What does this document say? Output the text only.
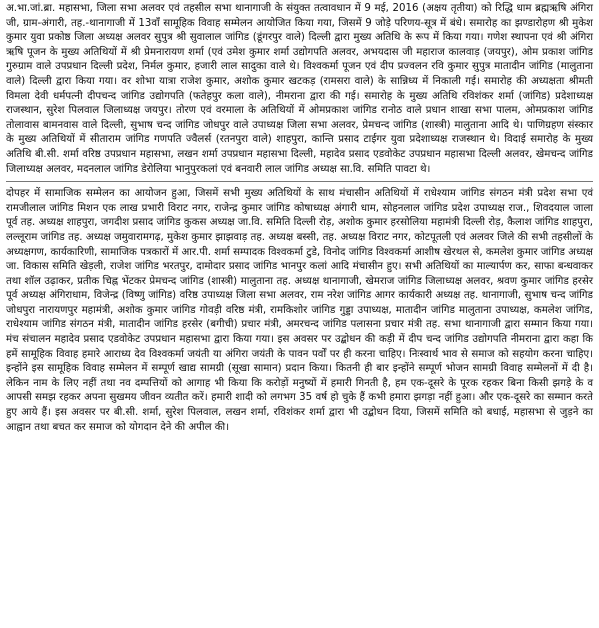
अ.भा.जां.ब्रा. महासभा, जिला सभा अलवर एवं तहसील सभा थानागाजी के संयुक्त तत्वावधान में 9 मई, 2016 (अक्षय तृतीया) को रिद्धि धाम ब्रह्मऋषि अंगिरा जी, ग्राम-अंगारी, तह.-थानागाजी में 13वाँ सामूहिक विवाह सम्मेलन आयोजित किया गया, जिसमें 9 जोड़े परिणय-सूत्र में बंधे। समारोह का झण्डारोहण श्री मुकेश कुमार युवा प्रकोष्ठ जिला अध्यक्ष अलवर सुपुत्र श्री सुवालाल जांगिड (डूंगरपुर वाले) दिल्ली द्वारा मुख्य अतिथि के रूप में किया गया। गणेश स्थापना एवं श्री अंगिरा ऋषि पूजन के मुख्य अतिथियों में श्री प्रेमनारायण शर्मा (एवं उमेश कुमार शर्मा उद्योगपति अलवर, अभयदास जी महाराज कालवाड़ (जयपुर), ओम प्रकाश जांगिड गुरुग्राम वाले उपप्रधान दिल्ली प्रदेश, निर्मल कुमार, हजारी लाल सादुका वाले थे। विश्वकर्मा पूजन एवं दीप प्रज्वलन रवि कुमार सुपुत्र मातादीन जांगिड (मालुताना वाले) दिल्ली द्वारा किया गया। वर शोभा यात्रा राजेश कुमार, अशोक कुमार खटकड़ (रामसरा वाले) के सान्निध्य में निकाली गई। समारोह की अध्यक्षता श्रीमती विमला देवी धर्मपत्नी दीपचन्द जांगिड उद्योगपति (फतेहपुर कला वाले), नीमराना द्वारा की गई। समारोह के मुख्य अतिथि रविशंकर शर्मा (जांगिड) प्रदेशाध्यक्ष राजस्थान, सुरेश पिलवाल जिलाध्यक्ष जयपुर। तोरण एवं वरमाला के अतिथियों में ओमप्रकाश जांगिड रानोठ वाले प्रधान शाखा सभा पालम, ओमप्रकाश जांगिड तोलावास बामनवास वाले दिल्ली, सुभाष चन्द जांगिड जोधपुर वाले उपाध्यक्ष जिला सभा अलवर, प्रेमचन्द जांगिड (शास्त्री) मालुताना आदि थे। पाणिग्रहण संस्कार के मुख्य अतिथियों में सीताराम जांगिड गणपति ज्वैलर्स (रतनपुरा वाले) शाहपुरा, कान्ति प्रसाद टाईगर युवा प्रदेशाध्यक्ष राजस्थान थे। विदाई समारोह के मुख्य अतिथि बी.सी. शर्मा वरिष्ठ उपप्रधान महासभा, लखन शर्मा उपप्रधान महासभा दिल्ली, महादेव प्रसाद एडवोकेट उपप्रधान महासभा दिल्ली अलवर, खेमचन्द जांगिड जिलाध्यक्ष अलवर, मदनलाल जांगिड डेरोलिया भानुपुरकलां एवं बनवारी लाल जांगिड अध्यक्ष सा.वि. समिति पावटा थे।

दोपहर में सामाजिक सम्मेलन का आयोजन हुआ, जिसमें सभी मुख्य अतिथियों के साथ मंचासीन अतिथियों में राधेश्याम जांगिड संगठन मंत्री प्रदेश सभा एवं रामजीलाल जांगिड मिशन एक लाख प्रभारी विराट नगर, राजेन्द्र कुमार जांगिड कोषाध्यक्ष अंगारी धाम, सोहनलाल जांगिड प्रदेश उपाध्यक्ष राज., शिवदयाल जाला पूर्व तह. अध्यक्ष शाहपुरा, जगदीश प्रसाद जांगिड कुकस अध्यक्ष जा.वि. समिति दिल्ली रोड़, अशोक कुमार हरसोलिया महामंत्री दिल्ली रोड़, कैलाश जांगिड शाहपुरा, लल्लूराम जांगिड तह. अध्यक्ष जमुवारामगढ़, मुकेश कुमार झाझवाड़ तह. अध्यक्ष बस्सी, तह. अध्यक्ष विराट नगर, कोटपूतली एवं अलवर जिले की सभी तहसीलों के अध्यक्षगण, कार्यकारिणी, सामाजिक पत्रकारों में आर.पी. शर्मा सम्पादक विश्वकर्मा टुडे, विनोद जांगिड विश्वकर्मा आशीष खेरथल से, कमलेश कुमार जांगिड अध्यक्ष जा. विकास समिति खेड़ली, राजेश जांगिड भरतपुर, दामोदार प्रसाद जांगिड भानपुर कलां आदि मंचासीन हुए। सभी अतिथियों का माल्यार्पण कर, साफा बन्धवाकर तथा शॉल उढ़ाकर, प्रतीक चिह्न भेंटकर प्रेमचन्द जांगिड (शास्त्री) मालुताना तह. अध्यक्ष थानागाजी, खेमराज जांगिड जिलाध्यक्ष अलवर, श्रवण कुमार जांगिड हरसेर पूर्व अध्यक्ष अंगिराधाम, विजेन्द्र (विष्णु जांगिड) वरिष्ठ उपाध्यक्ष जिला सभा अलवर, राम नरेश जांगिड आगर कार्यकारी अध्यक्ष तह. थानागाजी, सुभाष चन्द जांगिड जोधपुरा नारायणपुर महामंत्री, अशोक कुमार जांगिड गोवड़ी वरिष्ठ मंत्री, रामकिशोर जांगिड गुड्डा उपाध्यक्ष, मातादीन जांगिड मालुताना उपाध्यक्ष, कमलेश जांगिड, राधेश्याम जांगिड संगठन मंत्री, मातादीन जांगिड हरसेर (बगीची) प्रचार मंत्री, अमरचन्द जांगिड पलासना प्रचार मंत्री तह. सभा थानागाजी द्वारा सम्मान किया गया। मंच संचालन महादेव प्रसाद एडवोकेट उपप्रधान महासभा द्वारा किया गया। इस अवसर पर उद्बोधन की कड़ी में दीप चन्द जांगिड उद्योगपति नीमराना द्वारा कहा कि हमें सामूहिक विवाह हमारे आराध्य देव विश्वकर्मा जयंती या अंगिरा जयंती के पावन पर्वों पर ही करना चाहिए। निःस्वार्थ भाव से समाज को सहयोग करना चाहिए। इन्होंने इस सामूहिक विवाह सम्मेलन में सम्पूर्ण खाद्य सामग्री (सूखा सामान) प्रदान किया। कितनी ही बार इन्होंने सम्पूर्ण भोजन सामग्री विवाह सम्मेलनों में दी है। लेकिन नाम के लिए नहीं तथा नव दम्पत्तियों को आगाह भी किया कि करोड़ों मनुष्यों में हमारी गिनती है, हम एक-दूसरे के पूरक रहकर बिना किसी झगड़े के व आपसी समझ रहकर अपना सुखमय जीवन व्यतीत करें। हमारी शादी को लगभग 35 वर्ष हो चुके हैं कभी हमारा झगड़ा नहीं हुआ। और एक-दूसरे का सम्मान करते हुए आये हैं। इस अवसर पर बी.सी. शर्मा, सुरेश पिलवाल, लखन शर्मा, रविशंकर शर्मा द्वारा भी उद्बोधन दिया, जिसमें समिति को बधाई, महासभा से जुड़ने का आह्वान तथा बचत कर समाज को योगदान देने की अपील की।
